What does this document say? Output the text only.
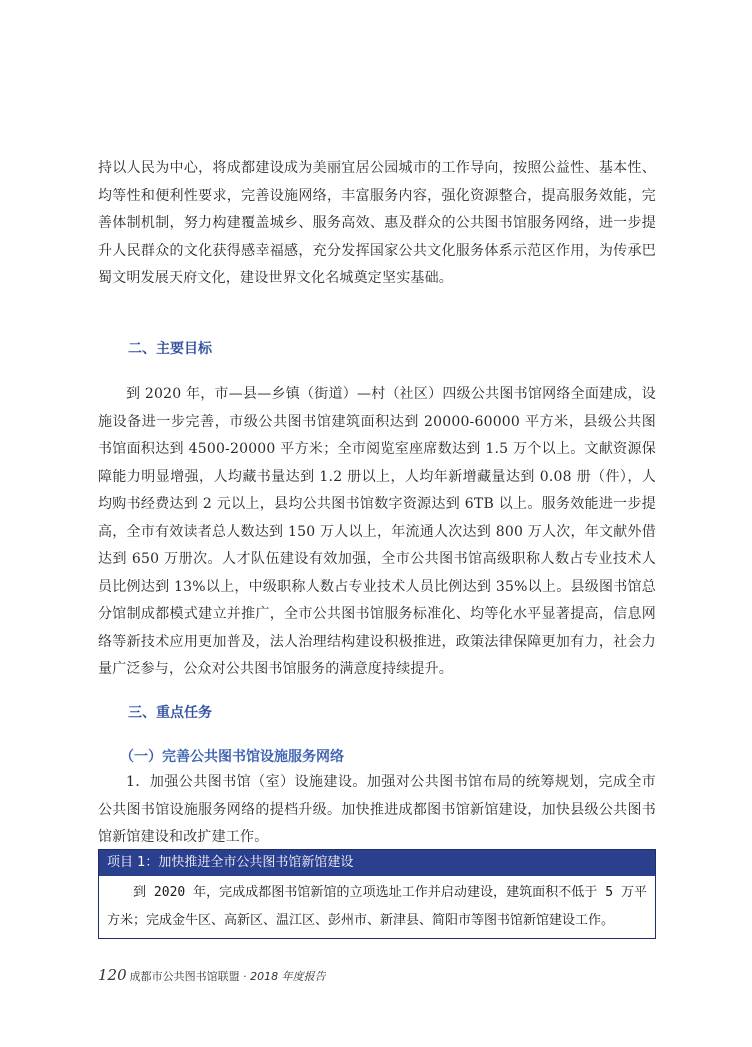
持以人民为中心，将成都建设成为美丽宜居公园城市的工作导向，按照公益性、基本性、均等性和便利性要求，完善设施网络，丰富服务内容，强化资源整合，提高服务效能，完善体制机制，努力构建覆盖城乡、服务高效、惠及群众的公共图书馆服务网络，进一步提升人民群众的文化获得感幸福感，充分发挥国家公共文化服务体系示范区作用，为传承巴蜀文明发展天府文化，建设世界文化名城奠定坚实基础。

二、主要目标

到 2020 年，市—县—乡镇（街道）—村（社区）四级公共图书馆网络全面建成，设施设备进一步完善，市级公共图书馆建筑面积达到 20000-60000 平方米，县级公共图书馆面积达到 4500-20000 平方米；全市阅览室座席数达到 1.5 万个以上。文献资源保障能力明显增强，人均藏书量达到 1.2 册以上，人均年新增藏量达到 0.08 册（件），人均购书经费达到 2 元以上，县均公共图书馆数字资源达到 6TB 以上。服务效能进一步提高，全市有效读者总人数达到 150 万人以上，年流通人次达到 800 万人次，年文献外借达到 650 万册次。人才队伍建设有效加强，全市公共图书馆高级职称人数占专业技术人员比例达到 13%以上，中级职称人数占专业技术人员比例达到 35%以上。县级图书馆总分馆制成都模式建立并推广，全市公共图书馆服务标准化、均等化水平显著提高，信息网络等新技术应用更加普及，法人治理结构建设积极推进，政策法律保障更加有力，社会力量广泛参与，公众对公共图书馆服务的满意度持续提升。

三、重点任务
（一）完善公共图书馆设施服务网络

1．加强公共图书馆（室）设施建设。加强对公共图书馆布局的统筹规划，完成全市公共图书馆设施服务网络的提档升级。加快推进成都图书馆新馆建设，加快县级公共图书馆新馆建设和改扩建工作。

项目 1：加快推进全市公共图书馆新馆建设
到 2020 年，完成成都图书馆新馆的立项选址工作并启动建设，建筑面积不低于 5 万平方米；完成金牛区、高新区、温江区、彭州市、新津县、简阳市等图书馆新馆建设工作。
120 成都市公共图书馆联盟 · 2018 年度报告
